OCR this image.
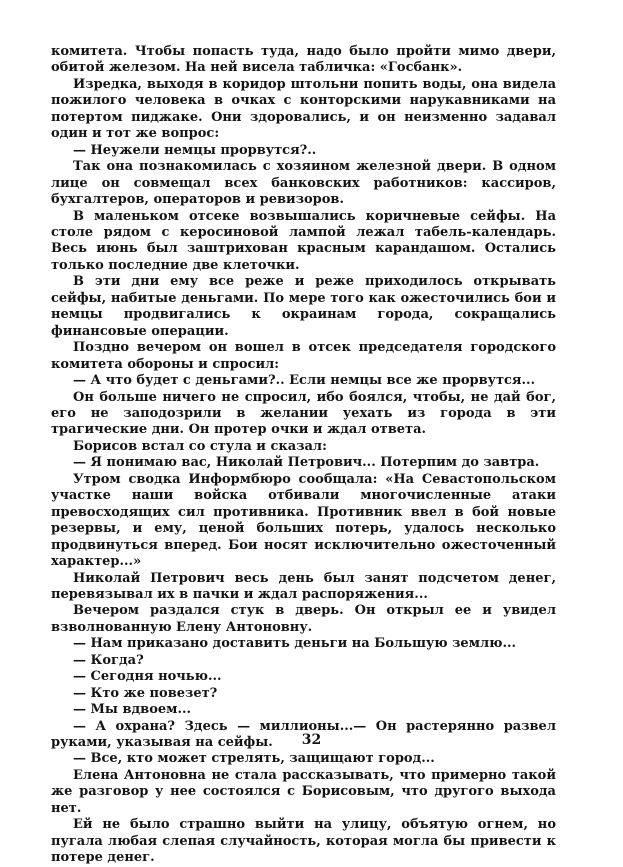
комитета. Чтобы попасть туда, надо было пройти мимо двери, обитой железом. На ней висела табличка: «Госбанк».

Изредка, выходя в коридор штольни попить воды, она видела пожилого человека в очках с конторскими нарукавниками на потертом пиджаке. Они здоровались, и он неизменно задавал один и тот же вопрос:

— Неужели немцы прорвутся?..

Так она познакомилась с хозяином железной двери. В одном лице он совмещал всех банковских работников: кассиров, бухгалтеров, операторов и ревизоров.

В маленьком отсеке возвышались коричневые сейфы. На столе рядом с керосиновой лампой лежал табель-календарь. Весь июнь был заштрихован красным карандашом. Остались только последние две клеточки.

В эти дни ему все реже и реже приходилось открывать сейфы, набитые деньгами. По мере того как ожесточились бои и немцы продвигались к окраинам города, сокращались финансовые операции.

Поздно вечером он вошел в отсек председателя городского комитета обороны и спросил:

— А что будет с деньгами?.. Если немцы все же прорвутся...

Он больше ничего не спросил, ибо боялся, чтобы, не дай бог, его не заподозрили в желании уехать из города в эти трагические дни. Он протер очки и ждал ответа.

Борисов встал со стула и сказал:

— Я понимаю вас, Николай Петрович... Потерпим до завтра.

Утром сводка Информбюро сообщала: «На Севастопольском участке наши войска отбивали многочисленные атаки превосходящих сил противника. Противник ввел в бой новые резервы, и ему, ценой больших потерь, удалось несколько продвинуться вперед. Бои носят исключительно ожесточенный характер...»

Николай Петрович весь день был занят подсчетом денег, перевязывал их в пачки и ждал распоряжения...

Вечером раздался стук в дверь. Он открыл ее и увидел взволнованную Елену Антоновну.

— Нам приказано доставить деньги на Большую землю...

— Когда?

— Сегодня ночью...

— Кто же повезет?

— Мы вдвоем...

— А охрана? Здесь — миллионы...— Он растерянно развел руками, указывая на сейфы.

— Все, кто может стрелять, защищают город...

Елена Антоновна не стала рассказывать, что примерно такой же разговор у нее состоялся с Борисовым, что другого выхода нет.

Ей не было страшно выйти на улицу, объятую огнем, но пугала любая слепая случайность, которая могла бы привести к потере денег.

32
